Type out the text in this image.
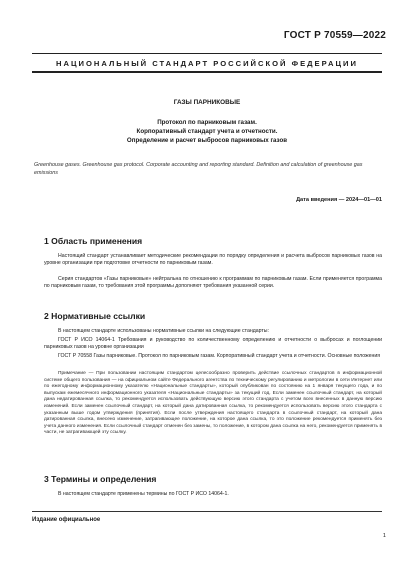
ГОСТ Р 70559—2022
НАЦИОНАЛЬНЫЙ СТАНДАРТ РОССИЙСКОЙ ФЕДЕРАЦИИ
ГАЗЫ ПАРНИКОВЫЕ
Протокол по парниковым газам.
Корпоративный стандарт учета и отчетности.
Определение и расчет выбросов парниковых газов
Greenhouse gases. Greenhouse gas protocol. Corporate accounting and reporting standard. Definition and calculation of greenhouse gas emissions
Дата введения — 2024—01—01
1 Область применения
Настоящий стандарт устанавливает методические рекомендации по порядку определения и расчета выбросов парниковых газов на уровне организации при подготовке отчетности по парниковым газам.
Серия стандартов «Газы парниковые» нейтральна по отношению к программам по парниковым газам. Если применяется программа по парниковым газам, то требования этой программы дополняют требования указанной серии.
2 Нормативные ссылки
В настоящем стандарте использованы нормативные ссылки на следующие стандарты:
ГОСТ Р ИСО 14064-1 Требования и руководство по количественному определению и отчетности о выбросах и поглощении парниковых газов на уровне организации
ГОСТ Р 70558 Газы парниковые. Протокол по парниковым газам. Корпоративный стандарт учета и отчетности. Основные положения
Примечание — При пользовании настоящим стандартом целесообразно проверить действие ссылочных стандартов в информационной системе общего пользования — на официальном сайте Федерального агентства по техническому регулированию и метрологии в сети Интернет или по ежегодному информационному указателю «Национальные стандарты», который опубликован по состоянию на 1 января текущего года, и по выпускам ежемесячного информационного указателя «Национальные стандарты» за текущий год. Если заменен ссылочный стандарт, на который дана недатированная ссылка, то рекомендуется использовать действующую версию этого стандарта с учетом всех внесенных в данную версию изменений. Если заменен ссылочный стандарт, на который дана датированная ссылка, то рекомендуется использовать версию этого стандарта с указанным выше годом утверждения (принятия). Если после утверждения настоящего стандарта в ссылочный стандарт, на который дана датированная ссылка, внесено изменение, затрагивающее положение, на которое дана ссылка, то это положение рекомендуется применять без учета данного изменения. Если ссылочный стандарт отменен без замены, то положение, в котором дана ссылка на него, рекомендуется применять в части, не затрагивающей эту ссылку.
3 Термины и определения
В настоящем стандарте применены термины по ГОСТ Р ИСО 14064-1.
Издание официальное
1
